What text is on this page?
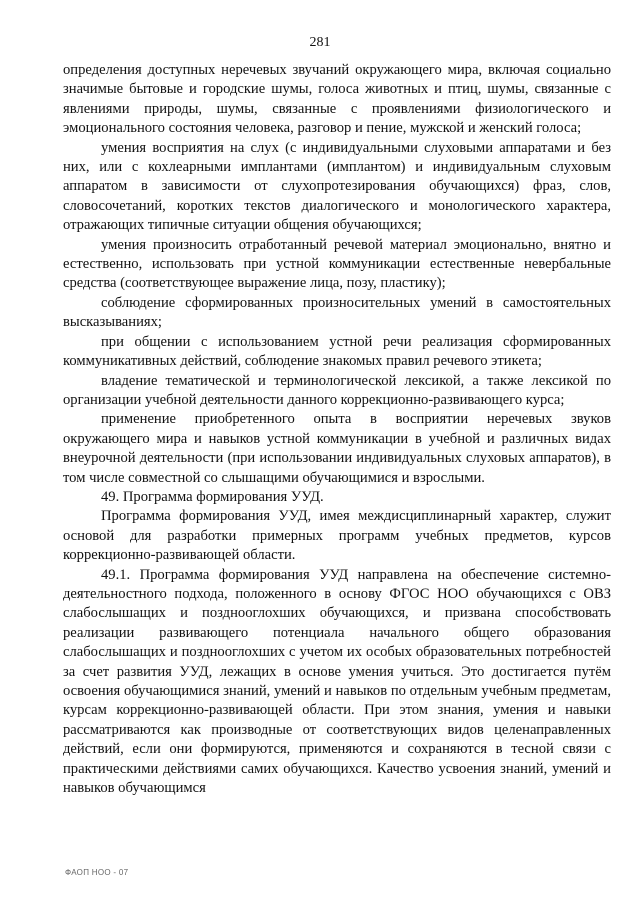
281

определения доступных неречевых звучаний окружающего мира, включая социально значимые бытовые и городские шумы, голоса животных и птиц, шумы, связанные с явлениями природы, шумы, связанные с проявлениями физиологического и эмоционального состояния человека, разговор и пение, мужской и женский голоса;

умения восприятия на слух (с индивидуальными слуховыми аппаратами и без них, или с кохлеарными имплантами (имплантом) и индивидуальным слуховым аппаратом в зависимости от слухопротезирования обучающихся) фраз, слов, словосочетаний, коротких текстов диалогического и монологического характера, отражающих типичные ситуации общения обучающихся;

умения произносить отработанный речевой материал эмоционально, внятно и естественно, использовать при устной коммуникации естественные невербальные средства (соответствующее выражение лица, позу, пластику);

соблюдение сформированных произносительных умений в самостоятельных высказываниях;

при общении с использованием устной речи реализация сформированных коммуникативных действий, соблюдение знакомых правил речевого этикета;

владение тематической и терминологической лексикой, а также лексикой по организации учебной деятельности данного коррекционно-развивающего курса;

применение приобретенного опыта в восприятии неречевых звуков окружающего мира и навыков устной коммуникации в учебной и различных видах внеурочной деятельности (при использовании индивидуальных слуховых аппаратов), в том числе совместной со слышащими обучающимися и взрослыми.

49. Программа формирования УУД.

Программа формирования УУД, имея междисциплинарный характер, служит основой для разработки примерных программ учебных предметов, курсов коррекционно-развивающей области.

49.1. Программа формирования УУД направлена на обеспечение системно-деятельностного подхода, положенного в основу ФГОС НОО обучающихся с ОВЗ слабослышащих и позднооглохших обучающихся, и призвана способствовать реализации развивающего потенциала начального общего образования слабослышащих и позднооглохших с учетом их особых образовательных потребностей за счет развития УУД, лежащих в основе умения учиться. Это достигается путём освоения обучающимися знаний, умений и навыков по отдельным учебным предметам, курсам коррекционно-развивающей области. При этом знания, умения и навыки рассматриваются как производные от соответствующих видов целенаправленных действий, если они формируются, применяются и сохраняются в тесной связи с практическими действиями самих обучающихся. Качество усвоения знаний, умений и навыков обучающимся

ФАОП НОО - 07
